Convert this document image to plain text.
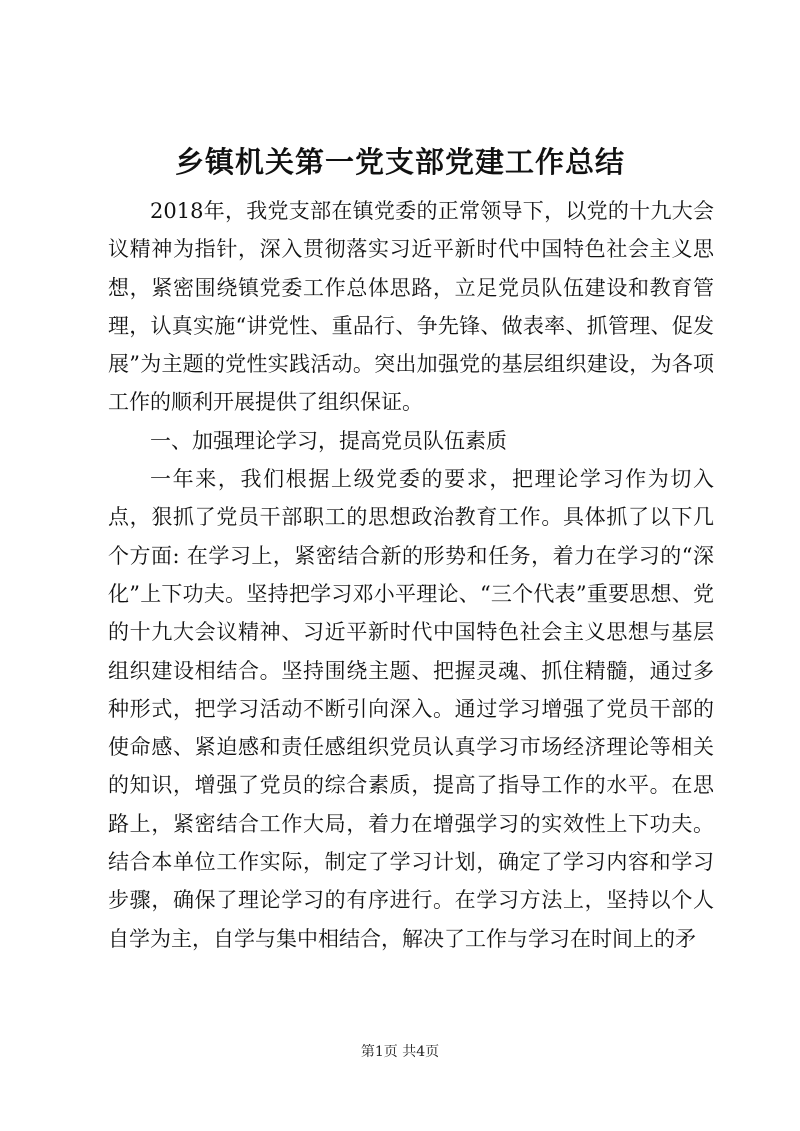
乡镇机关第一党支部党建工作总结

2018年，我党支部在镇党委的正常领导下，以党的十九大会议精神为指针，深入贯彻落实习近平新时代中国特色社会主义思想，紧密围绕镇党委工作总体思路，立足党员队伍建设和教育管理，认真实施“讲党性、重品行、争先锋、做表率、抓管理、促发展”为主题的党性实践活动。突出加强党的基层组织建设，为各项工作的顺利开展提供了组织保证。

一、加强理论学习，提高党员队伍素质

一年来，我们根据上级党委的要求，把理论学习作为切入点，狠抓了党员干部职工的思想政治教育工作。具体抓了以下几个方面: 在学习上，紧密结合新的形势和任务，着力在学习的“深化”上下功夫。坚持把学习邓小平理论、“三个代表”重要思想、党的十九大会议精神、习近平新时代中国特色社会主义思想与基层组织建设相结合。坚持围绕主题、把握灵魂、抓住精髓，通过多种形式，把学习活动不断引向深入。通过学习增强了党员干部的使命感、紧迫感和责任感组织党员认真学习市场经济理论等相关的知识，增强了党员的综合素质，提高了指导工作的水平。在思路上，紧密结合工作大局，着力在增强学习的实效性上下功夫。结合本单位工作实际，制定了学习计划，确定了学习内容和学习步骤，确保了理论学习的有序进行。在学习方法上，坚持以个人自学为主，自学与集中相结合，解决了工作与学习在时间上的矛

第1页 共4页
